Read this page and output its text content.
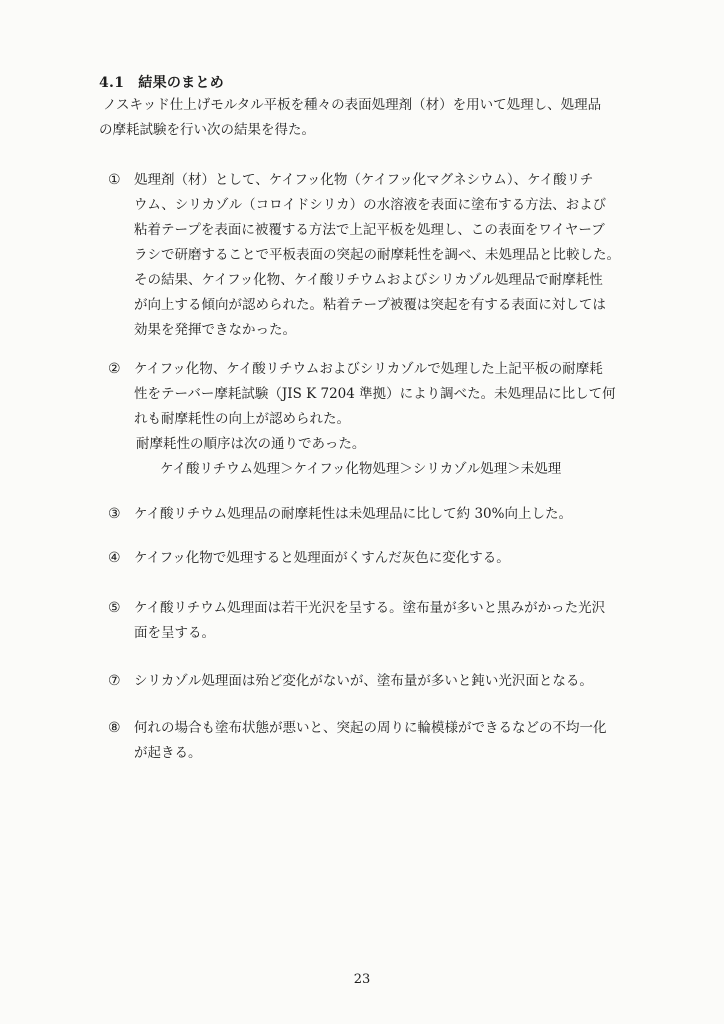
4.1 結果のまとめ
ノスキッド仕上げモルタル平板を種々の表面処理剤（材）を用いて処理し、処理品
の摩耗試験を行い次の結果を得た。
① 処理剤（材）として、ケイフッ化物（ケイフッ化マグネシウム）、ケイ酸リチ
ウム、シリカゾル（コロイドシリカ）の水溶液を表面に塗布する方法、および
粘着テープを表面に被覆する方法で上記平板を処理し、この表面をワイヤーブ
ラシで研磨することで平板表面の突起の耐摩耗性を調べ、未処理品と比較した。
その結果、ケイフッ化物、ケイ酸リチウムおよびシリカゾル処理品で耐摩耗性
が向上する傾向が認められた。粘着テープ被覆は突起を有する表面に対しては
効果を発揮できなかった。
② ケイフッ化物、ケイ酸リチウムおよびシリカゾルで処理した上記平板の耐摩耗
性をテーバー摩耗試験（JIS K 7204 準拠）により調べた。未処理品に比して何
れも耐摩耗性の向上が認められた。
耐摩耗性の順序は次の通りであった。
ケイ酸リチウム処理＞ケイフッ化物処理＞シリカゾル処理＞未処理
③ ケイ酸リチウム処理品の耐摩耗性は未処理品に比して約 30%向上した。
④ ケイフッ化物で処理すると処理面がくすんだ灰色に変化する。
⑤ ケイ酸リチウム処理面は若干光沢を呈する。塗布量が多いと黒みがかった光沢
面を呈する。
⑦ シリカゾル処理面は殆ど変化がないが、塗布量が多いと鈍い光沢面となる。
⑧ 何れの場合も塗布状態が悪いと、突起の周りに輪模様ができるなどの不均一化
が起きる。
23
